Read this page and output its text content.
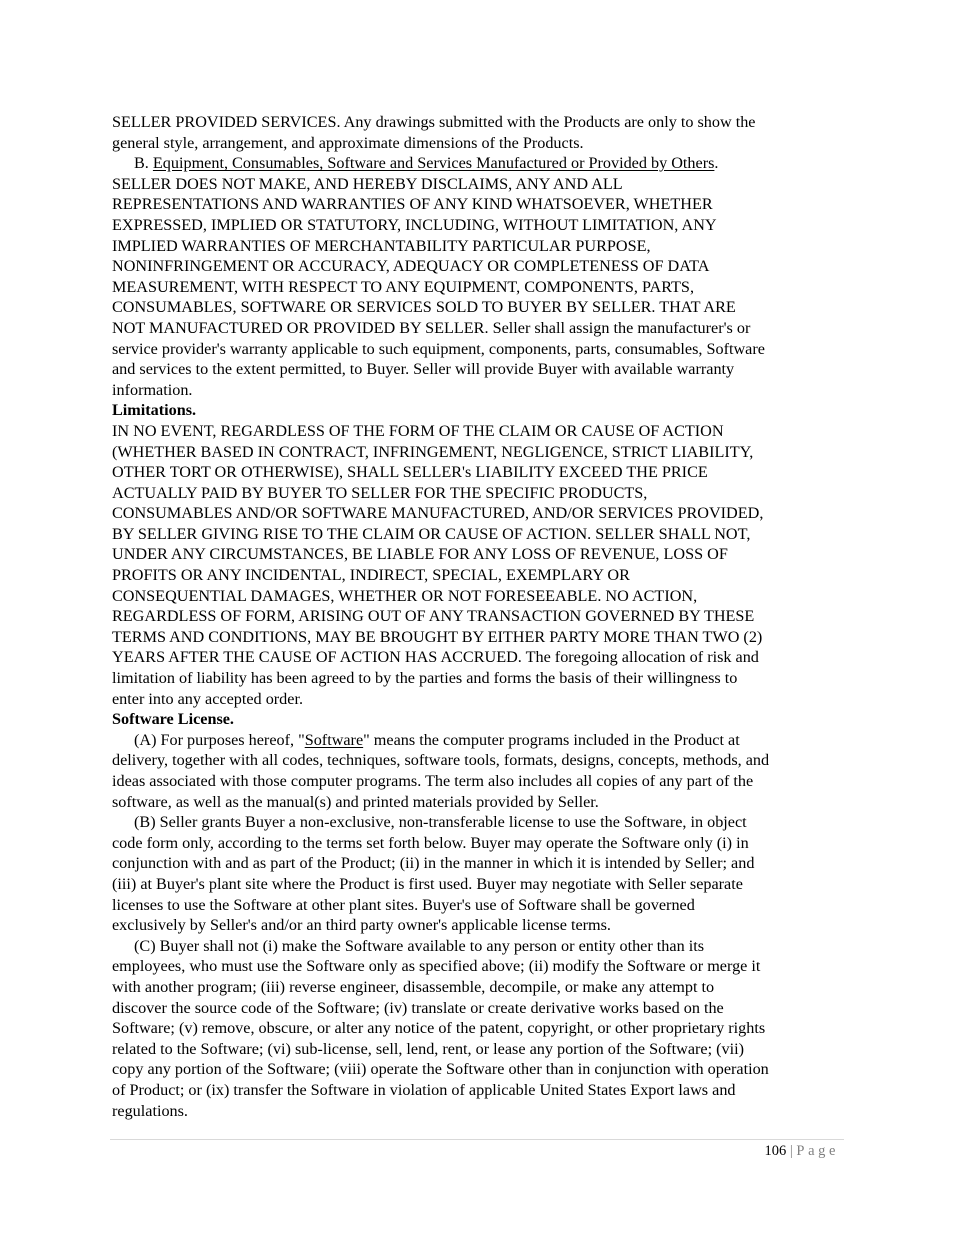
SELLER PROVIDED SERVICES. Any drawings submitted with the Products are only to show the
general style, arrangement, and approximate dimensions of the Products.
B. Equipment, Consumables, Software and Services Manufactured or Provided by Others.
SELLER DOES NOT MAKE, AND HEREBY DISCLAIMS, ANY AND ALL
REPRESENTATIONS AND WARRANTIES OF ANY KIND WHATSOEVER, WHETHER
EXPRESSED, IMPLIED OR STATUTORY, INCLUDING, WITHOUT LIMITATION, ANY
IMPLIED WARRANTIES OF MERCHANTABILITY PARTICULAR PURPOSE,
NONINFRINGEMENT OR ACCURACY, ADEQUACY OR COMPLETENESS OF DATA
MEASUREMENT, WITH RESPECT TO ANY EQUIPMENT, COMPONENTS, PARTS,
CONSUMABLES, SOFTWARE OR SERVICES SOLD TO BUYER BY SELLER. THAT ARE
NOT MANUFACTURED OR PROVIDED BY SELLER. Seller shall assign the manufacturer's or
service provider's warranty applicable to such equipment, components, parts, consumables, Software
and services to the extent permitted, to Buyer. Seller will provide Buyer with available warranty
information.
Limitations.
IN NO EVENT, REGARDLESS OF THE FORM OF THE CLAIM OR CAUSE OF ACTION
(WHETHER BASED IN CONTRACT, INFRINGEMENT, NEGLIGENCE, STRICT LIABILITY,
OTHER TORT OR OTHERWISE), SHALL SELLER's LIABILITY EXCEED THE PRICE
ACTUALLY PAID BY BUYER TO SELLER FOR THE SPECIFIC PRODUCTS,
CONSUMABLES AND/OR SOFTWARE MANUFACTURED, AND/OR SERVICES PROVIDED,
BY SELLER GIVING RISE TO THE CLAIM OR CAUSE OF ACTION. SELLER SHALL NOT,
UNDER ANY CIRCUMSTANCES, BE LIABLE FOR ANY LOSS OF REVENUE, LOSS OF
PROFITS OR ANY INCIDENTAL, INDIRECT, SPECIAL, EXEMPLARY OR
CONSEQUENTIAL DAMAGES, WHETHER OR NOT FORESEEABLE. NO ACTION,
REGARDLESS OF FORM, ARISING OUT OF ANY TRANSACTION GOVERNED BY THESE
TERMS AND CONDITIONS, MAY BE BROUGHT BY EITHER PARTY MORE THAN TWO (2)
YEARS AFTER THE CAUSE OF ACTION HAS ACCRUED. The foregoing allocation of risk and
limitation of liability has been agreed to by the parties and forms the basis of their willingness to
enter into any accepted order.
Software License.
(A) For purposes hereof, "Software" means the computer programs included in the Product at
delivery, together with all codes, techniques, software tools, formats, designs, concepts, methods, and
ideas associated with those computer programs. The term also includes all copies of any part of the
software, as well as the manual(s) and printed materials provided by Seller.
(B) Seller grants Buyer a non-exclusive, non-transferable license to use the Software, in object
code form only, according to the terms set forth below. Buyer may operate the Software only (i) in
conjunction with and as part of the Product; (ii) in the manner in which it is intended by Seller; and
(iii) at Buyer's plant site where the Product is first used. Buyer may negotiate with Seller separate
licenses to use the Software at other plant sites. Buyer's use of Software shall be governed
exclusively by Seller's and/or an third party owner's applicable license terms.
(C) Buyer shall not (i) make the Software available to any person or entity other than its
employees, who must use the Software only as specified above; (ii) modify the Software or merge it
with another program; (iii) reverse engineer, disassemble, decompile, or make any attempt to
discover the source code of the Software; (iv) translate or create derivative works based on the
Software; (v) remove, obscure, or alter any notice of the patent, copyright, or other proprietary rights
related to the Software; (vi) sub-license, sell, lend, rent, or lease any portion of the Software; (vii)
copy any portion of the Software; (viii) operate the Software other than in conjunction with operation
of Product; or (ix) transfer the Software in violation of applicable United States Export laws and
regulations.
106 | Page
